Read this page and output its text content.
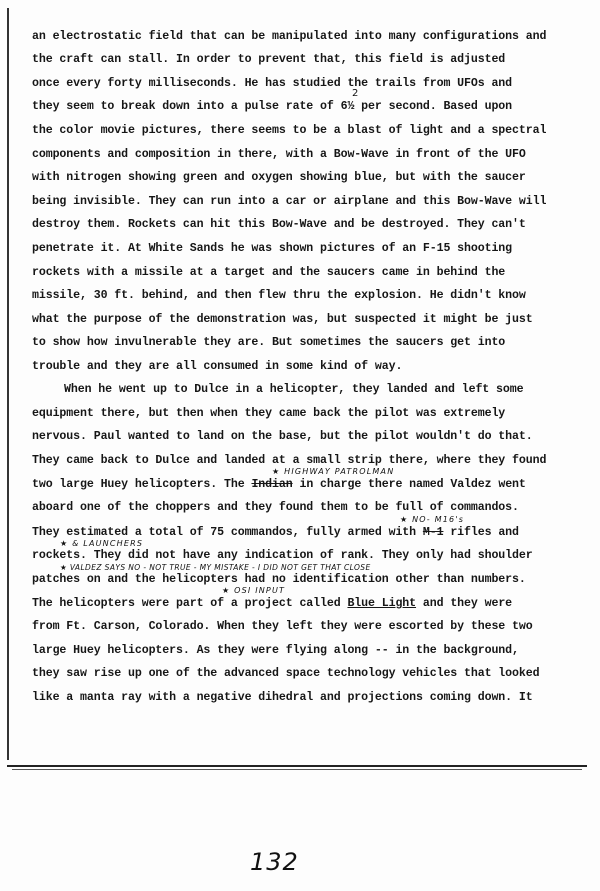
an electrostatic field that can be manipulated into many configurations and
the craft can stall. In order to prevent that, this field is adjusted
once every forty milliseconds. He has studied the trails from UFOs and
2
they seem to break down into a pulse rate of 6½ per second. Based upon
the color movie pictures, there seems to be a blast of light and a spectral
components and composition in there, with a Bow-Wave in front of the UFO
with nitrogen showing green and oxygen showing blue, but with the saucer
being invisible. They can run into a car or airplane and this Bow-Wave will
destroy them. Rockets can hit this Bow-Wave and be destroyed. They can't
penetrate it. At White Sands he was shown pictures of an F-15 shooting
rockets with a missile at a target and the saucers came in behind the
missile, 30 ft. behind, and then flew thru the explosion. He didn't know
what the purpose of the demonstration was, but suspected it might be just
to show how invulnerable they are. But sometimes the saucers get into
trouble and they are all consumed in some kind of way.
When he went up to Dulce in a helicopter, they landed and left some
equipment there, but then when they came back the pilot was extremely
nervous. Paul wanted to land on the base, but the pilot wouldn't do that.
They came back to Dulce and landed at a small strip there, where they found
★ HIGHWAY PATROLMAN
two large Huey helicopters. The Indian in charge there named Valdez went
aboard one of the choppers and they found them to be full of commandos.
★ NO- M16's
They estimated a total of 75 commandos, fully armed with M-1 rifles and
★ & LAUNCHERS
rockets. They did not have any indication of rank. They only had shoulder
★ VALDEZ SAYS NO - NOT TRUE - MY MISTAKE - I DID NOT GET THAT CLOSE
patches on and the helicopters had no identification other than numbers.
★ OSI INPUT
The helicopters were part of a project called Blue Light and they were
from Ft. Carson, Colorado. When they left they were escorted by these two
large Huey helicopters. As they were flying along -- in the background,
they saw rise up one of the advanced space technology vehicles that looked
like a manta ray with a negative dihedral and projections coming down. It
132
